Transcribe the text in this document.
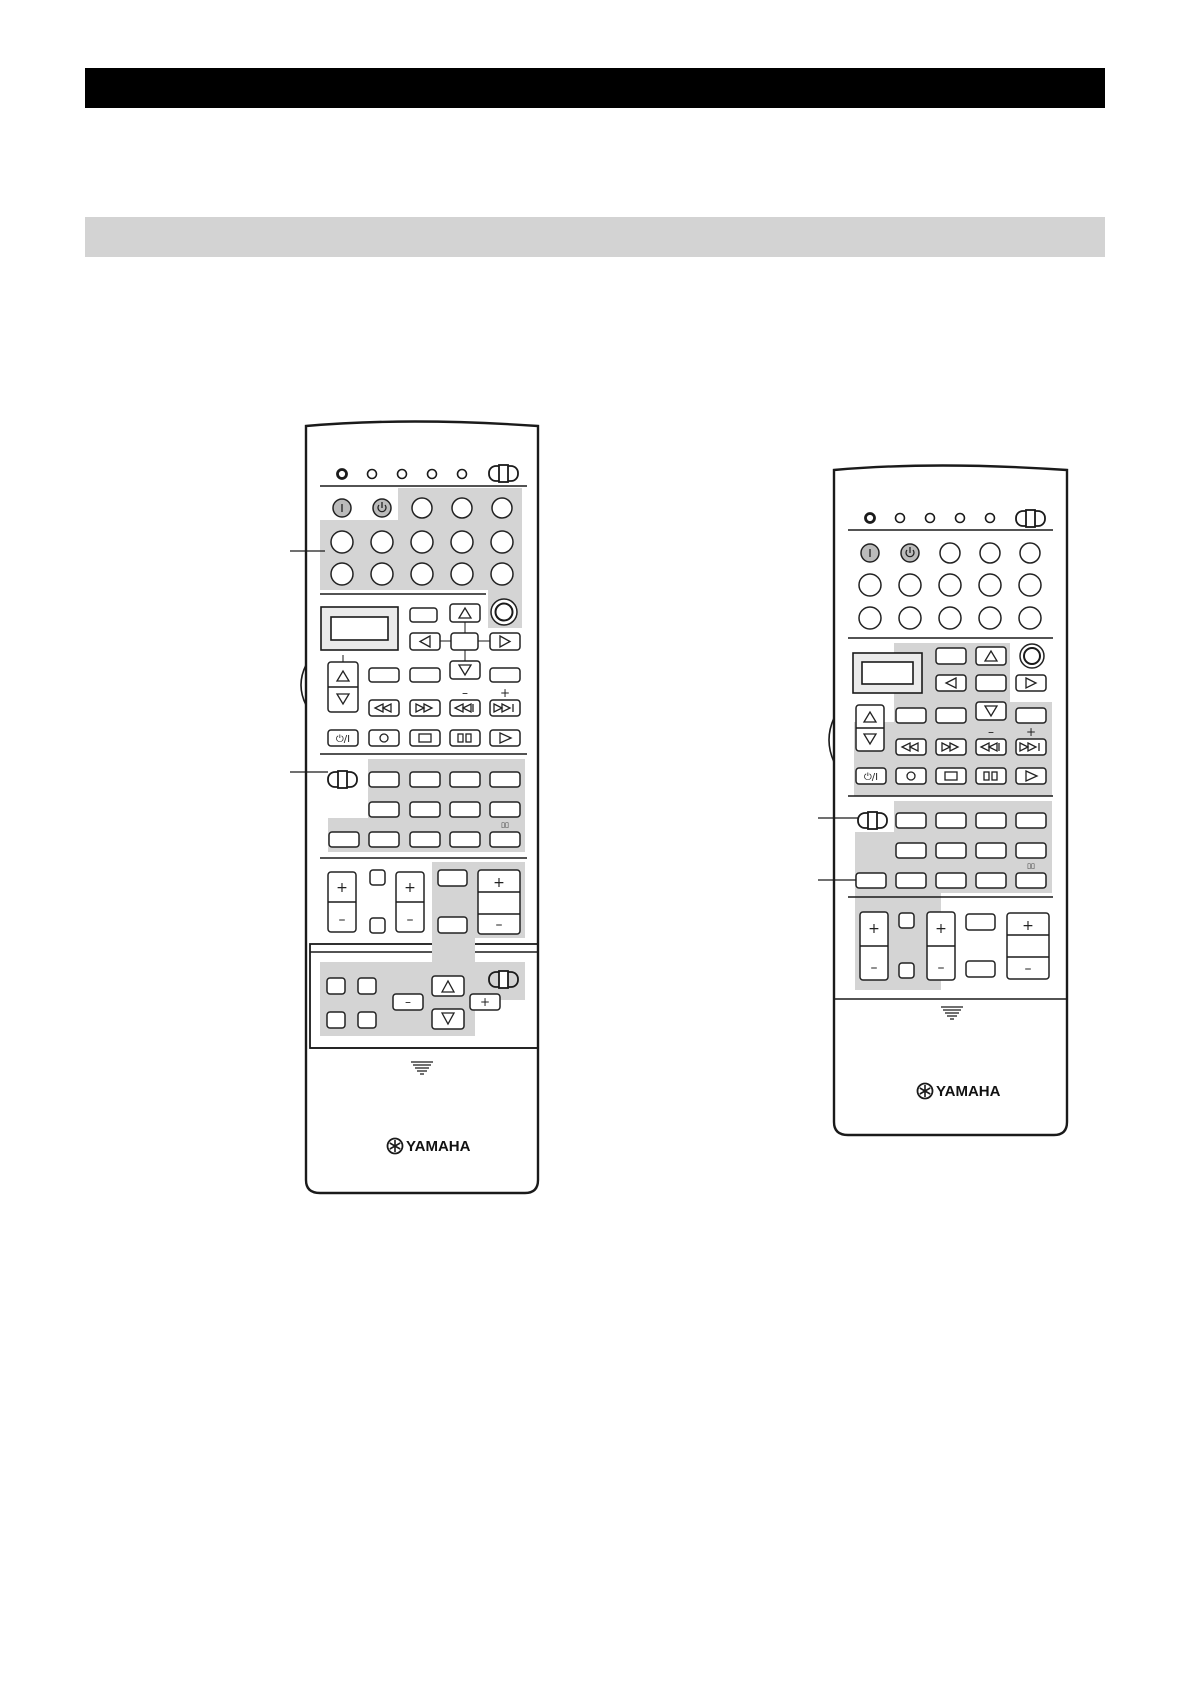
–	+
⏻/I
▯▯
+
–
+
–
+
–
–	+
YAMAHA
–	+
⏻/I
▯▯
+
–
+
–
+
–
YAMAHA
